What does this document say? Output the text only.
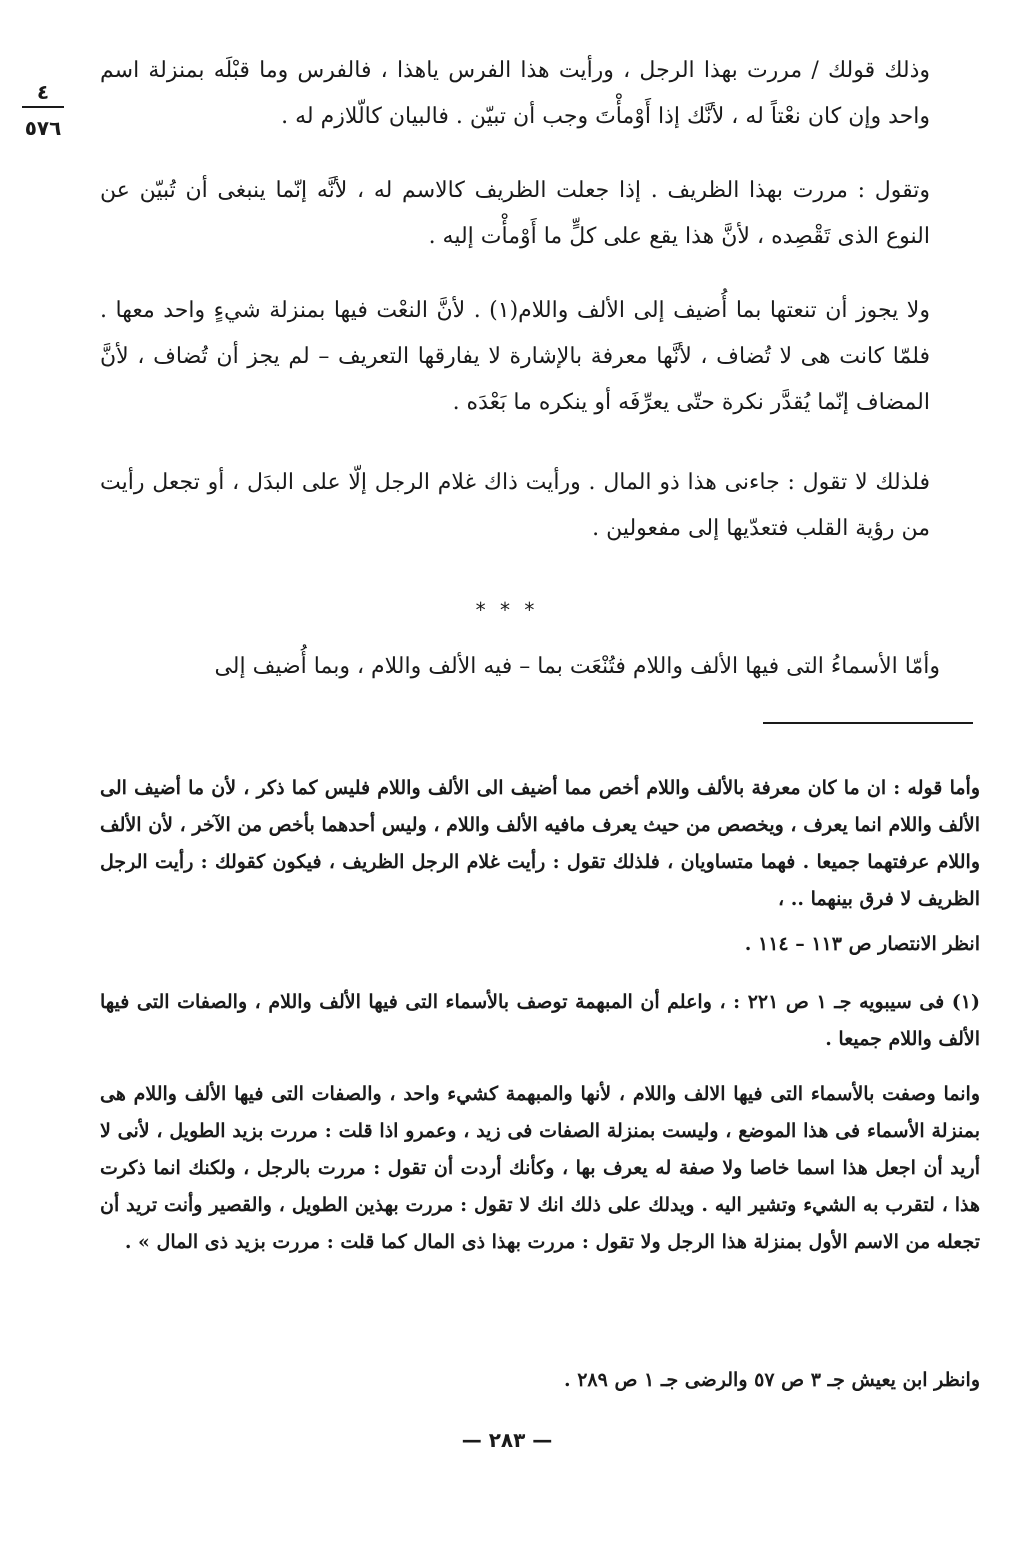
٤
٥٧٦
وذلك قولك / مررت بهذا الرجل ، ورأيت هذا الفرس ياهذا ، فالفرس وما قبْلَه بمنزلة اسم واحد وإن كان نعْتاً له ، لأنَّك إذا أَوْمأْتَ وجب أن تبيّن . فالبيان كالّلازم له .
وتقول : مررت بهذا الظريف . إذا جعلت الظريف كالاسم له ، لأنَّه إنّما ينبغى أن تُبيّن عن النوع الذى تَقْصِده ، لأنَّ هذا يقع على كلٍّ ما أَوْمأْت إليه .
ولا يجوز أن تنعتها بما أُضيف إلى الألف واللام(١) . لأنَّ النعْت فيها بمنزلة شيءٍ واحد معها . فلمّا كانت هى لا تُضاف ، لأنَّها معرفة بالإشارة لا يفارقها التعريف – لم يجز أن تُضاف ، لأنَّ المضاف إنّما يُقدَّر نكرة حتّى يعرِّفَه أو ينكره ما بَعْدَه .
فلذلك لا تقول : جاءنى هذا ذو المال . ورأيت ذاك غلام الرجل إلّا على البدَل ، أو تجعل رأيت من رؤية القلب فتعدّيها إلى مفعولين .
* * *
وأمّا الأسماءُ التى فيها الألف واللام فتُنْعَت بما – فيه الألف واللام ، وبما أُضيف إلى
وأما قوله : ان ما كان معرفة بالألف واللام أخص مما أضيف الى الألف واللام فليس كما ذكر ، لأن ما أضيف الى الألف واللام انما يعرف ، ويخصص من حيث يعرف مافيه الألف واللام ، وليس أحدهما بأخص من الآخر ، لأن الألف واللام عرفتهما جميعا . فهما متساويان ، فلذلك تقول : رأيت غلام الرجل الظريف ، فيكون كقولك : رأيت الرجل الظريف لا فرق بينهما .. ،
انظر الانتصار ص ١١٣ – ١١٤ .
(١) فى سيبويه جـ ١ ص ٢٢١ : ، واعلم أن المبهمة توصف بالأسماء التى فيها الألف واللام ، والصفات التى فيها الألف واللام جميعا .
وانما وصفت بالأسماء التى فيها الالف واللام ، لأنها والمبهمة كشيء واحد ، والصفات التى فيها الألف واللام هى بمنزلة الأسماء فى هذا الموضع ، وليست بمنزلة الصفات فى زيد ، وعمرو اذا قلت : مررت بزيد الطويل ، لأنى لا أريد أن اجعل هذا اسما خاصا ولا صفة له يعرف بها ، وكأنك أردت أن تقول : مررت بالرجل ، ولكنك انما ذكرت هذا ، لتقرب به الشيء وتشير اليه . ويدلك على ذلك انك لا تقول : مررت بهذين الطويل ، والقصير وأنت تريد أن تجعله من الاسم الأول بمنزلة هذا الرجل ولا تقول : مررت بهذا ذى المال كما قلت : مررت بزيد ذى المال » .
وانظر ابن يعيش جـ ٣ ص ٥٧ والرضى جـ ١ ص ٢٨٩ .
— ٢٨٣ —
